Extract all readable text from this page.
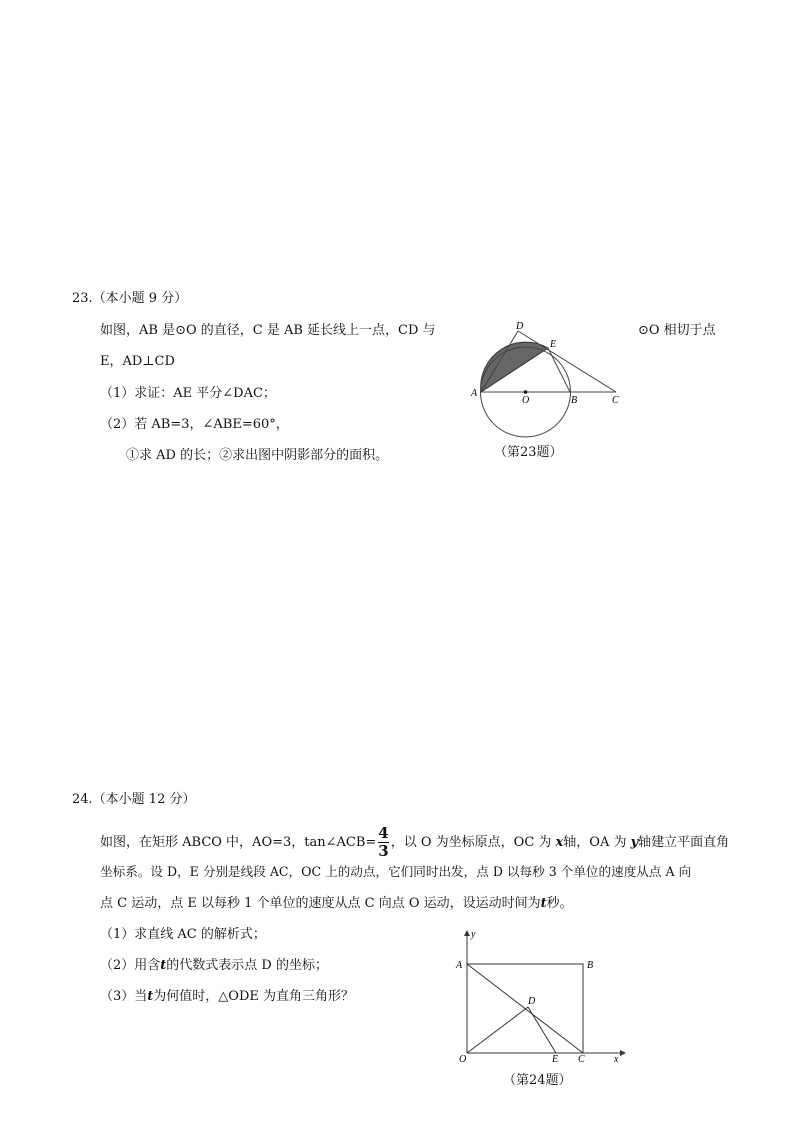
23.（本小题 9 分）
如图，AB 是⊙O 的直径，C 是 AB 延长线上一点，CD 与	⊙O 相切于点
E，AD⊥CD
（1）求证：AE 平分∠DAC；
（2）若 AB=3，∠ABE=60°，
①求 AD 的长；②求出图中阴影部分的面积。
D
E
A
O	B	C
（第23题）
24.（本小题 12 分）
如图，在矩形 ABCO 中，AO=3，tan∠ACB= $\frac{4}{3}$ ，以 O 为坐标原点，OC 为 x轴，OA 为 y轴建立平面直角
坐标系。设 D，E 分别是线段 AC，OC 上的动点，它们同时出发，点 D 以每秒 3 个单位的速度从点 A 向
点 C 运动，点 E 以每秒 1 个单位的速度从点 C 向点 O 运动，设运动时间为t秒。
（1）求直线 AC 的解析式；
（2）用含t的代数式表示点 D 的坐标；
（3）当t为何值时，△ODE 为直角三角形？
y
A	B
D
O	E C	x
（第24题）
